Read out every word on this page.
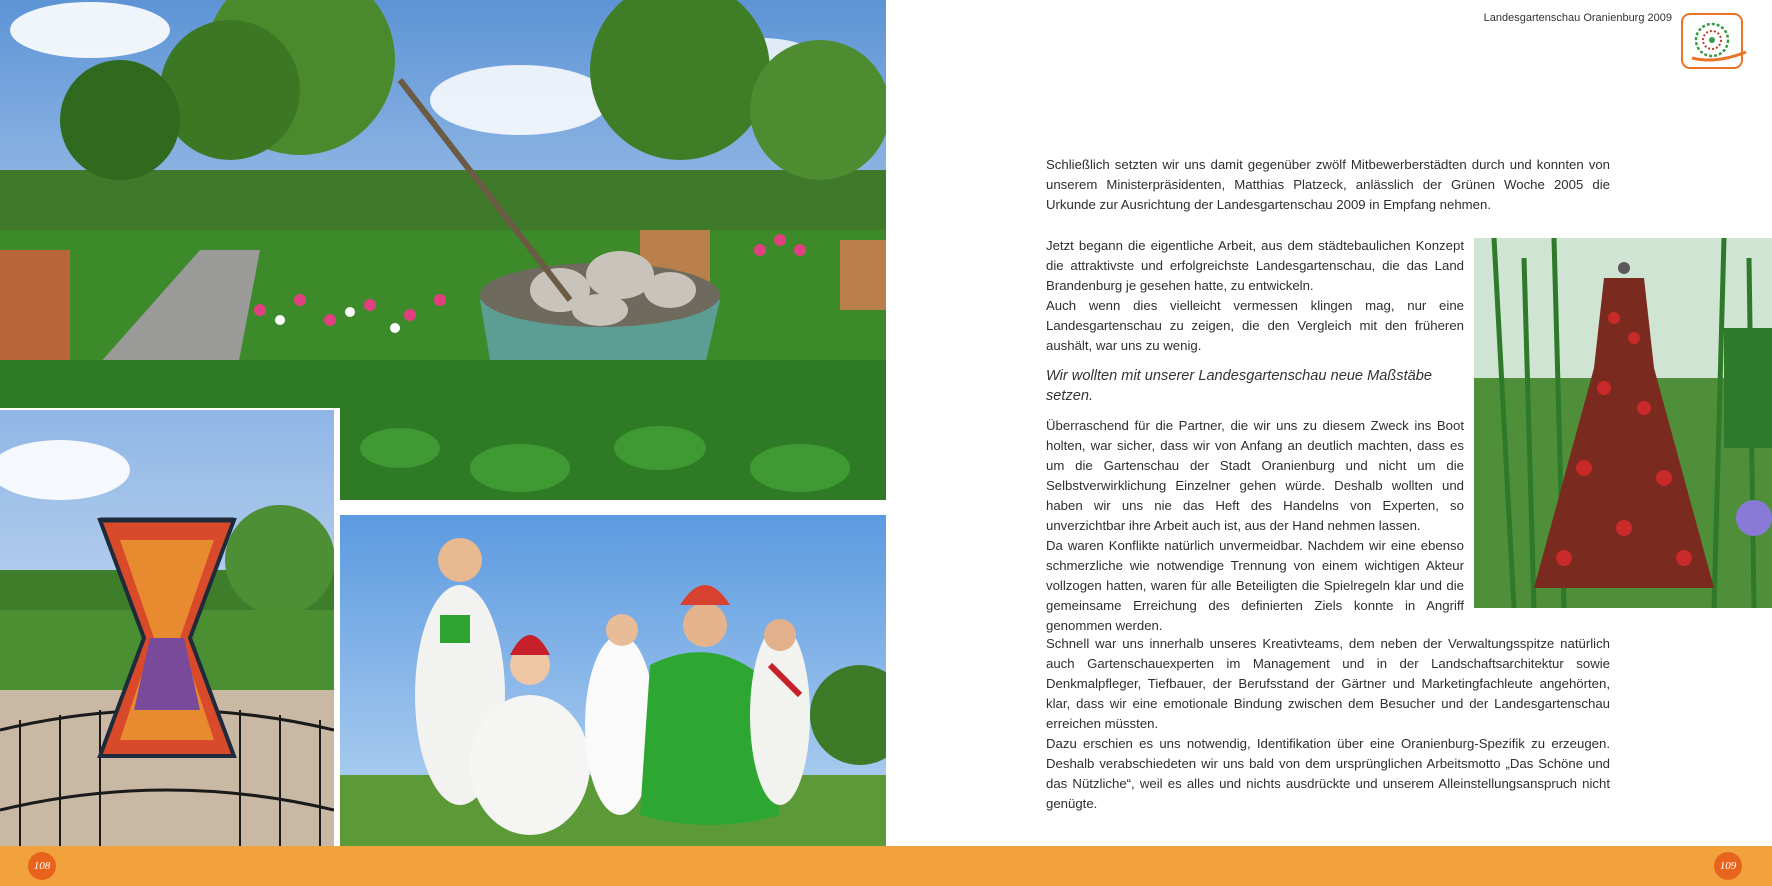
Landesgartenschau Oranienburg 2009

Schließlich setzten wir uns damit gegenüber zwölf Mitbewerberstädten durch und konnten von unserem Ministerpräsidenten, Matthias Platzeck, anlässlich der Grünen Woche 2005 die Urkunde zur Ausrichtung der Landesgartenschau 2009 in Empfang nehmen.

Jetzt begann die eigentliche Arbeit, aus dem städtebaulichen Konzept die attraktivste und erfolgreichste Landesgartenschau, die das Land Brandenburg je gesehen hatte, zu entwickeln.

Auch wenn dies vielleicht vermessen klingen mag, nur eine Landesgartenschau zu zeigen, die den Vergleich mit den früheren aushält, war uns zu wenig.

Wir wollten mit unserer Landesgartenschau neue Maßstäbe setzen.

Überraschend für die Partner, die wir uns zu diesem Zweck ins Boot holten, war sicher, dass wir von Anfang an deutlich machten, dass es um die Gartenschau der Stadt Oranienburg und nicht um die Selbstverwirklichung Einzelner gehen würde. Deshalb wollten und haben wir uns nie das Heft des Handelns von Experten, so unverzichtbar ihre Arbeit auch ist, aus der Hand nehmen lassen.

Da waren Konflikte natürlich unvermeidbar. Nachdem wir eine ebenso schmerzliche wie notwendige Trennung von einem wichtigen Akteur vollzogen hatten, waren für alle Beteiligten die Spielregeln klar und die gemeinsame Erreichung des definierten Ziels konnte in Angriff genommen werden.

Schnell war uns innerhalb unseres Kreativteams, dem neben der Verwaltungsspitze natürlich auch Gartenschauexperten im Management und in der Landschaftsarchitektur sowie Denkmalpfleger, Tiefbauer, der Berufsstand der Gärtner und Marketingfachleute angehörten, klar, dass wir eine emotionale Bindung zwischen dem Besucher und der Landesgartenschau erreichen müssten.

Dazu erschien es uns notwendig, Identifikation über eine Oranienburg-Spezifik zu erzeugen. Deshalb verabschiedeten wir uns bald von dem ursprünglichen Arbeitsmotto „Das Schöne und das Nützliche“, weil es alles und nichts ausdrückte und unserem Alleinstellungsanspruch nicht genügte.

108	109
